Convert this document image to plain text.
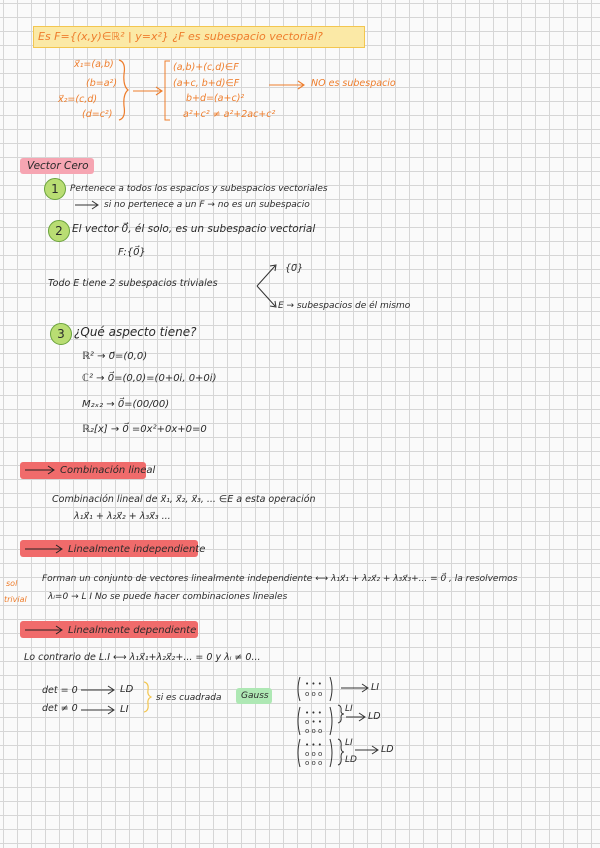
Es F={(x,y)∈ℝ² | y=x²} ¿F es subespacio vectorial?
x⃗₁=(a,b)
(b=a²)
x⃗₂=(c,d)
(d=c²)
(a,b)+(c,d)∈F
(a+c, b+d)∈F
b+d=(a+c)²
a²+c² ≠ a²+2ac+c²
NO es subespacio
Vector Cero
1	Pertenece a todos los espacios y subespacios vectoriales
si no pertenece a un F → no es un subespacio
2 El vector 0⃗, él solo, es un subespacio vectorial
F:{0⃗}
Todo E tiene 2 subespacios triviales
{0⃗}
E → subespacios de él mismo
3 ¿Qué aspecto tiene?
ℝ² → 0⃗=(0,0)
ℂ² → 0⃗=(0,0)=(0+0i, 0+0i)
M₂ₓ₂ → 0⃗=(00/00)
ℝ₂[x] → 0⃗ =0x²+0x+0=0
Combinación lineal
Combinación lineal de x⃗₁, x⃗₂, x⃗₃, ... ∈E a esta operación
λ₁x⃗₁ + λ₂x⃗₂ + λ₃x⃗₃ ...
Linealmente independiente
sol
trivial
Forman un conjunto de vectores linealmente independiente ⟷ λ₁x⃗₁ + λ₂x⃗₂ + λ₃x⃗₃+... = 0⃗ , la resolvemos
λᵢ=0 → L I No se puede hacer combinaciones lineales
Linealmente dependiente
Lo contrario de L.I ⟷ λ₁x⃗₁+λ₂x⃗₂+... = 0 y λᵢ ≠ 0...
det = 0	LD
det ≠ 0	LI
si es cuadrada Gauss
• • •
o o o
LI
• • •
o • •
o o o
LI
LD
• • •
o o o
o o o
LI
LD
LD
